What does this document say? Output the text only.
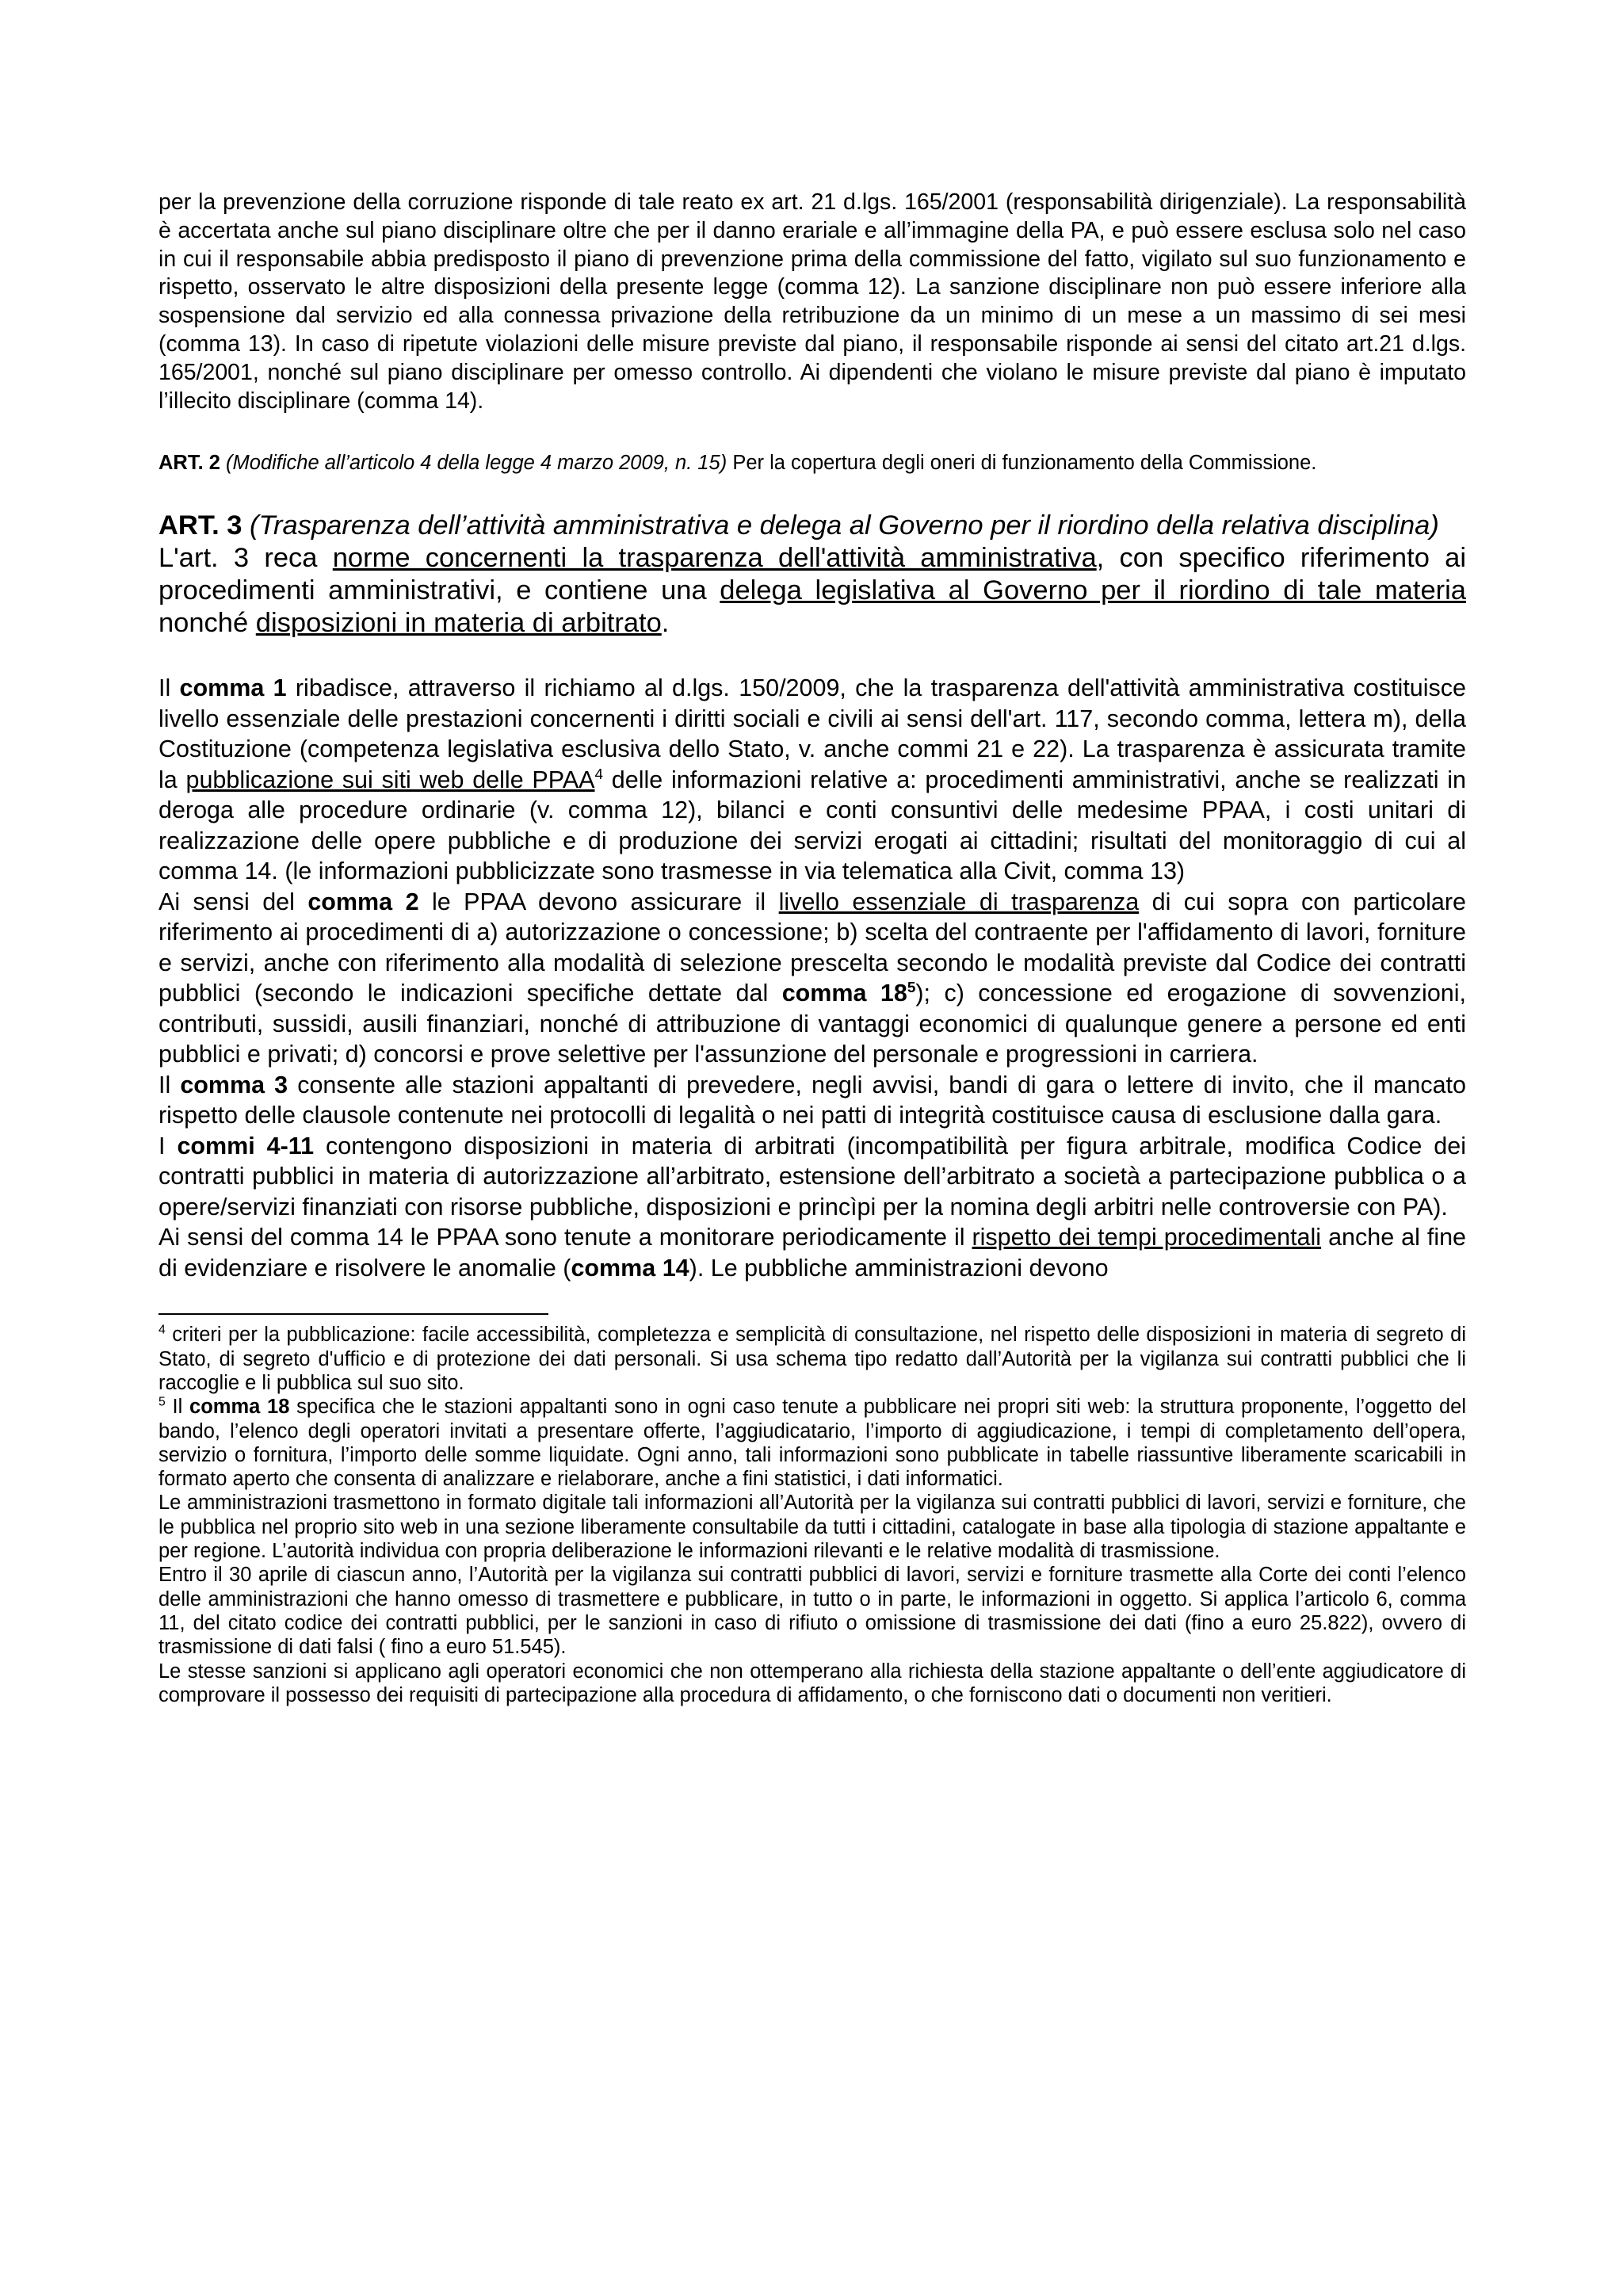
per la prevenzione della corruzione risponde di tale reato ex art. 21 d.lgs. 165/2001 (responsabilità dirigenziale). La responsabilità è accertata anche sul piano disciplinare oltre che per il danno erariale e all’immagine della PA, e può essere esclusa solo nel caso in cui il responsabile abbia predisposto il piano di prevenzione prima della commissione del fatto, vigilato sul suo funzionamento e rispetto, osservato le altre disposizioni della presente legge (comma 12). La sanzione disciplinare non può essere inferiore alla sospensione dal servizio ed alla connessa privazione della retribuzione da un minimo di un mese a un massimo di sei mesi (comma 13). In caso di ripetute violazioni delle misure previste dal piano, il responsabile risponde ai sensi del citato art.21 d.lgs. 165/2001, nonché sul piano disciplinare per omesso controllo. Ai dipendenti che violano le misure previste dal piano è imputato l’illecito disciplinare (comma 14).

ART. 2 (Modifiche all’articolo 4 della legge 4 marzo 2009, n. 15) Per la copertura degli oneri di funzionamento della Commissione.

ART. 3 (Trasparenza dell’attività amministrativa e delega al Governo per il riordino della relativa disciplina)

L'art. 3 reca norme concernenti la trasparenza dell'attività amministrativa, con specifico riferimento ai procedimenti amministrativi, e contiene una delega legislativa al Governo per il riordino di tale materia nonché disposizioni in materia di arbitrato.

Il comma 1 ribadisce, attraverso il richiamo al d.lgs. 150/2009, che la trasparenza dell'attività amministrativa costituisce livello essenziale delle prestazioni concernenti i diritti sociali e civili ai sensi dell'art. 117, secondo comma, lettera m), della Costituzione (competenza legislativa esclusiva dello Stato, v. anche commi 21 e 22). La trasparenza è assicurata tramite la pubblicazione sui siti web delle PPAA$^4$ delle informazioni relative a: procedimenti amministrativi, anche se realizzati in deroga alle procedure ordinarie (v. comma 12), bilanci e conti consuntivi delle medesime PPAA, i costi unitari di realizzazione delle opere pubbliche e di produzione dei servizi erogati ai cittadini; risultati del monitoraggio di cui al comma 14. (le informazioni pubblicizzate sono trasmesse in via telematica alla Civit, comma 13)

Ai sensi del comma 2 le PPAA devono assicurare il livello essenziale di trasparenza di cui sopra con particolare riferimento ai procedimenti di a) autorizzazione o concessione; b) scelta del contraente per l'affidamento di lavori, forniture e servizi, anche con riferimento alla modalità di selezione prescelta secondo le modalità previste dal Codice dei contratti pubblici (secondo le indicazioni specifiche dettate dal comma $18^5$); c) concessione ed erogazione di sovvenzioni, contributi, sussidi, ausili finanziari, nonché di attribuzione di vantaggi economici di qualunque genere a persone ed enti pubblici e privati; d) concorsi e prove selettive per l'assunzione del personale e progressioni in carriera.

Il comma 3 consente alle stazioni appaltanti di prevedere, negli avvisi, bandi di gara o lettere di invito, che il mancato rispetto delle clausole contenute nei protocolli di legalità o nei patti di integrità costituisce causa di esclusione dalla gara.

I commi 4-11 contengono disposizioni in materia di arbitrati (incompatibilità per figura arbitrale, modifica Codice dei contratti pubblici in materia di autorizzazione all’arbitrato, estensione dell’arbitrato a società a partecipazione pubblica o a opere/servizi finanziati con risorse pubbliche, disposizioni e princìpi per la nomina degli arbitri nelle controversie con PA).

Ai sensi del comma 14 le PPAA sono tenute a monitorare periodicamente il rispetto dei tempi procedimentali anche al fine di evidenziare e risolvere le anomalie (comma 14). Le pubbliche amministrazioni devono

$^4$ criteri per la pubblicazione: facile accessibilità, completezza e semplicità di consultazione, nel rispetto delle disposizioni in materia di segreto di Stato, di segreto d'ufficio e di protezione dei dati personali. Si usa schema tipo redatto dall’Autorità per la vigilanza sui contratti pubblici che li raccoglie e li pubblica sul suo sito.

$^5$ Il comma 18 specifica che le stazioni appaltanti sono in ogni caso tenute a pubblicare nei propri siti web: la struttura proponente, l’oggetto del bando, l’elenco degli operatori invitati a presentare offerte, l’aggiudicatario, l’importo di aggiudicazione, i tempi di completamento dell’opera, servizio o fornitura, l’importo delle somme liquidate. Ogni anno, tali informazioni sono pubblicate in tabelle riassuntive liberamente scaricabili in formato aperto che consenta di analizzare e rielaborare, anche a fini statistici, i dati informatici.

Le amministrazioni trasmettono in formato digitale tali informazioni all’Autorità per la vigilanza sui contratti pubblici di lavori, servizi e forniture, che le pubblica nel proprio sito web in una sezione liberamente consultabile da tutti i cittadini, catalogate in base alla tipologia di stazione appaltante e per regione. L’autorità individua con propria deliberazione le informazioni rilevanti e le relative modalità di trasmissione.

Entro il 30 aprile di ciascun anno, l’Autorità per la vigilanza sui contratti pubblici di lavori, servizi e forniture trasmette alla Corte dei conti l’elenco delle amministrazioni che hanno omesso di trasmettere e pubblicare, in tutto o in parte, le informazioni in oggetto. Si applica l’articolo 6, comma 11, del citato codice dei contratti pubblici, per le sanzioni in caso di rifiuto o omissione di trasmissione dei dati (fino a euro 25.822), ovvero di trasmissione di dati falsi ( fino a euro 51.545).

Le stesse sanzioni si applicano agli operatori economici che non ottemperano alla richiesta della stazione appaltante o dell’ente aggiudicatore di comprovare il possesso dei requisiti di partecipazione alla procedura di affidamento, o che forniscono dati o documenti non veritieri.
